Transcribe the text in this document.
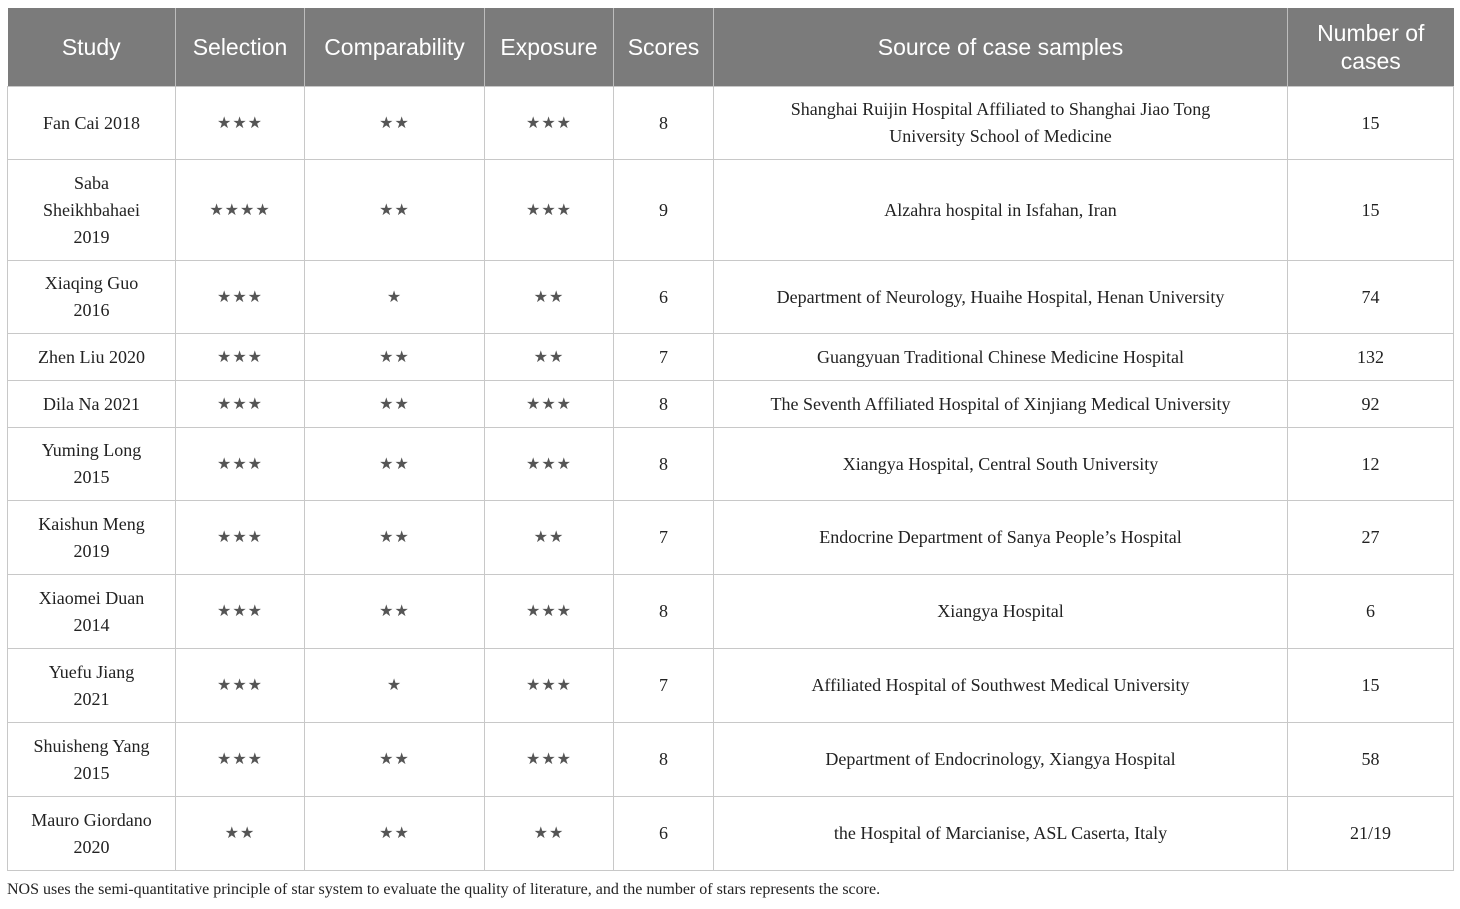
Study	Selection	Comparability	Exposure	Scores	Source of case samples	Number of cases
Fan Cai 2018	★★★	★★	★★★	8	Shanghai Ruijin Hospital Affiliated to Shanghai Jiao Tong University School of Medicine	15
Saba Sheikhbahaei 2019	★★★★	★★	★★★	9	Alzahra hospital in Isfahan, Iran	15
Xiaqing Guo 2016	★★★	★	★★	6	Department of Neurology, Huaihe Hospital, Henan University	74
Zhen Liu 2020	★★★	★★	★★	7	Guangyuan Traditional Chinese Medicine Hospital	132
Dila Na 2021	★★★	★★	★★★	8	The Seventh Affiliated Hospital of Xinjiang Medical University	92
Yuming Long 2015	★★★	★★	★★★	8	Xiangya Hospital, Central South University	12
Kaishun Meng 2019	★★★	★★	★★	7	Endocrine Department of Sanya People’s Hospital	27
Xiaomei Duan 2014	★★★	★★	★★★	8	Xiangya Hospital	6
Yuefu Jiang 2021	★★★	★	★★★	7	Affiliated Hospital of Southwest Medical University	15
Shuisheng Yang 2015	★★★	★★	★★★	8	Department of Endocrinology, Xiangya Hospital	58
Mauro Giordano 2020	★★	★★	★★	6	the Hospital of Marcianise, ASL Caserta, Italy	21/19
NOS uses the semi-quantitative principle of star system to evaluate the quality of literature, and the number of stars represents the score.
